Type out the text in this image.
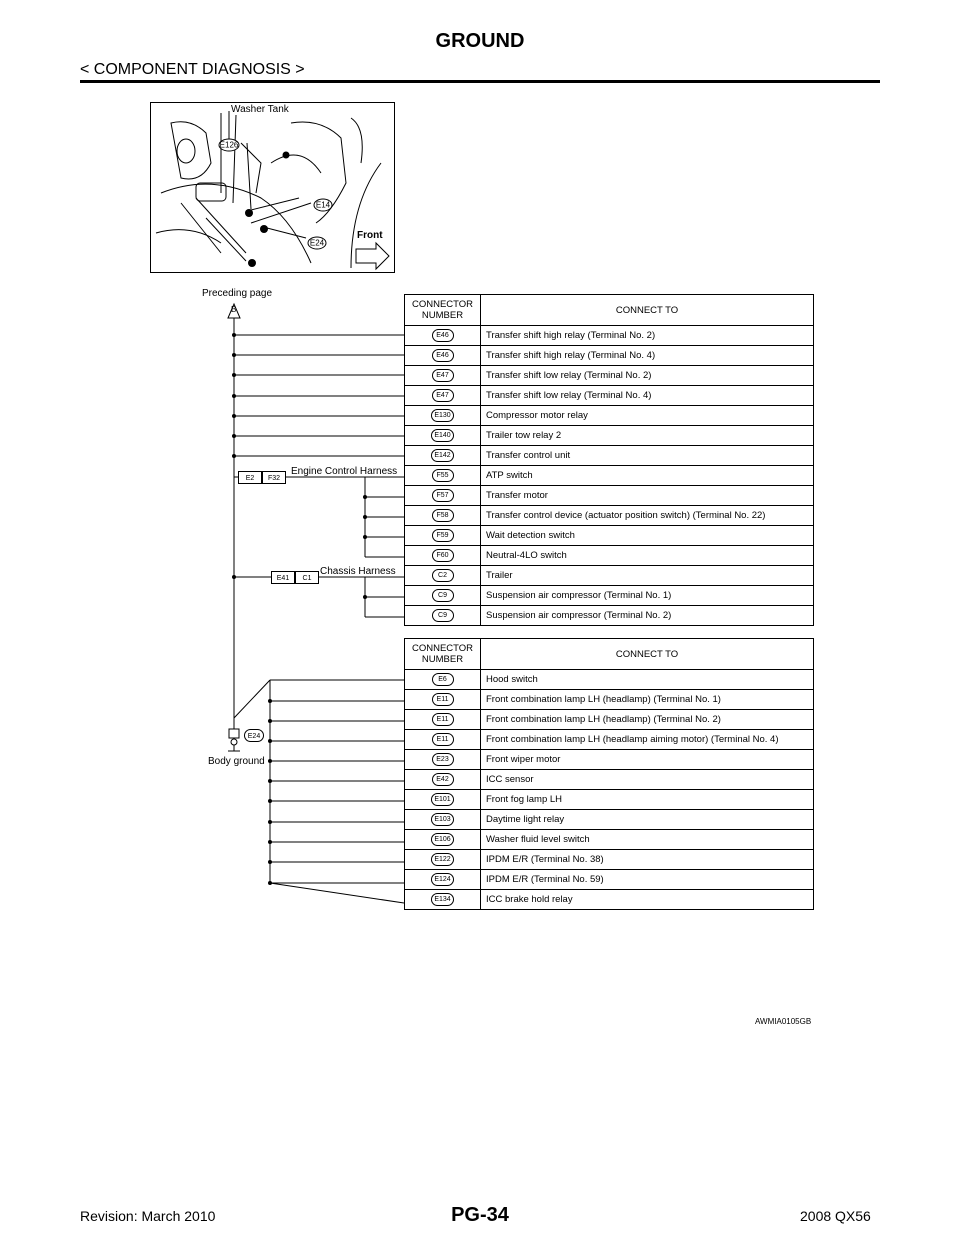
GROUND
< COMPONENT DIAGNOSIS >
Washer Tank
Front
E126
E14
E24
Preceding page
B
E2	F32
Engine Control Harness
E41	C1
Chassis Harness
E24
Body ground
CONNECTOR NUMBER	CONNECT TO
E46	Transfer shift high relay (Terminal No. 2)
E46	Transfer shift high relay (Terminal No. 4)
E47	Transfer shift low relay (Terminal No. 2)
E47	Transfer shift low relay (Terminal No. 4)
E130	Compressor motor relay
E140	Trailer tow relay 2
E142	Transfer control unit
F55	ATP switch
F57	Transfer motor
F58	Transfer control device (actuator position switch) (Terminal No. 22)
F59	Wait detection switch
F60	Neutral-4LO switch
C2	Trailer
C9	Suspension air compressor (Terminal No. 1)
C9	Suspension air compressor (Terminal No. 2)
CONNECTOR NUMBER	CONNECT TO
E6	Hood switch
E11	Front combination lamp LH (headlamp) (Terminal No. 1)
E11	Front combination lamp LH (headlamp) (Terminal No. 2)
E11	Front combination lamp LH (headlamp aiming motor) (Terminal No. 4)
E23	Front wiper motor
E42	ICC sensor
E101	Front fog lamp LH
E103	Daytime light relay
E106	Washer fluid level switch
E122	IPDM E/R (Terminal No. 38)
E124	IPDM E/R (Terminal No. 59)
E134	ICC brake hold relay
AWMIA0105GB
Revision: March 2010	PG-34	2008 QX56
